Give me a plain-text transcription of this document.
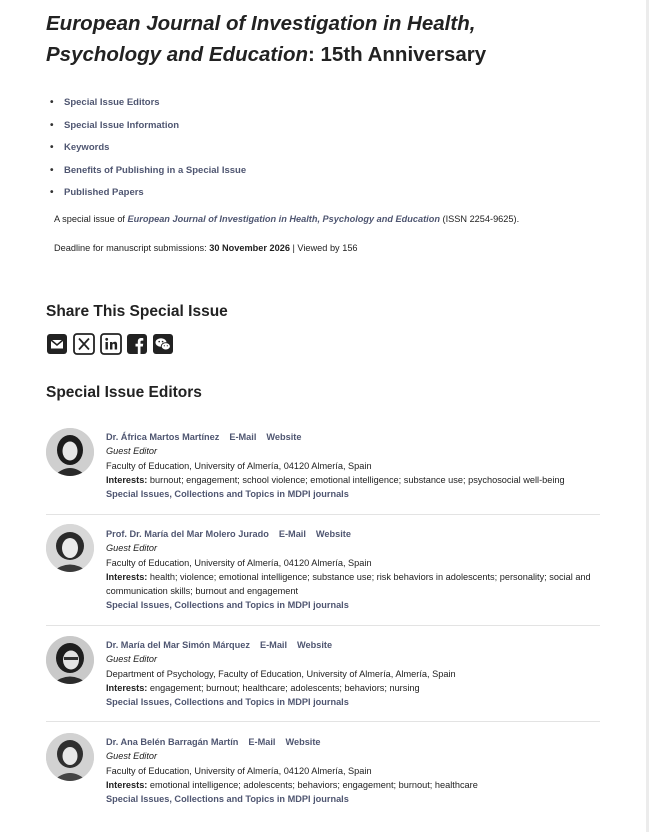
European Journal of Investigation in Health,
Psychology and Education: 15th Anniversary
• Special Issue Editors
• Special Issue Information
• Keywords
• Benefits of Publishing in a Special Issue
• Published Papers
A special issue of European Journal of Investigation in Health, Psychology and Education (ISSN 2254-9625).
Deadline for manuscript submissions: 30 November 2026 | Viewed by 156
Share This Special Issue
Special Issue Editors
Dr. África Martos Martínez E-Mail Website
Guest Editor
Faculty of Education, University of Almería, 04120 Almería, Spain
Interests: burnout; engagement; school violence; emotional intelligence; substance use; psychosocial well-being
Special Issues, Collections and Topics in MDPI journals
Prof. Dr. María del Mar Molero Jurado E-Mail Website
Guest Editor
Faculty of Education, University of Almería, 04120 Almería, Spain
Interests: health; violence; emotional intelligence; substance use; risk behaviors in adolescents; personality; social and communication skills; burnout and engagement
Special Issues, Collections and Topics in MDPI journals
Dr. María del Mar Simón Márquez E-Mail Website
Guest Editor
Department of Psychology, Faculty of Education, University of Almería, Almería, Spain
Interests: engagement; burnout; healthcare; adolescents; behaviors; nursing
Special Issues, Collections and Topics in MDPI journals
Dr. Ana Belén Barragán Martín E-Mail Website
Guest Editor
Faculty of Education, University of Almería, 04120 Almería, Spain
Interests: emotional intelligence; adolescents; behaviors; engagement; burnout; healthcare
Special Issues, Collections and Topics in MDPI journals
